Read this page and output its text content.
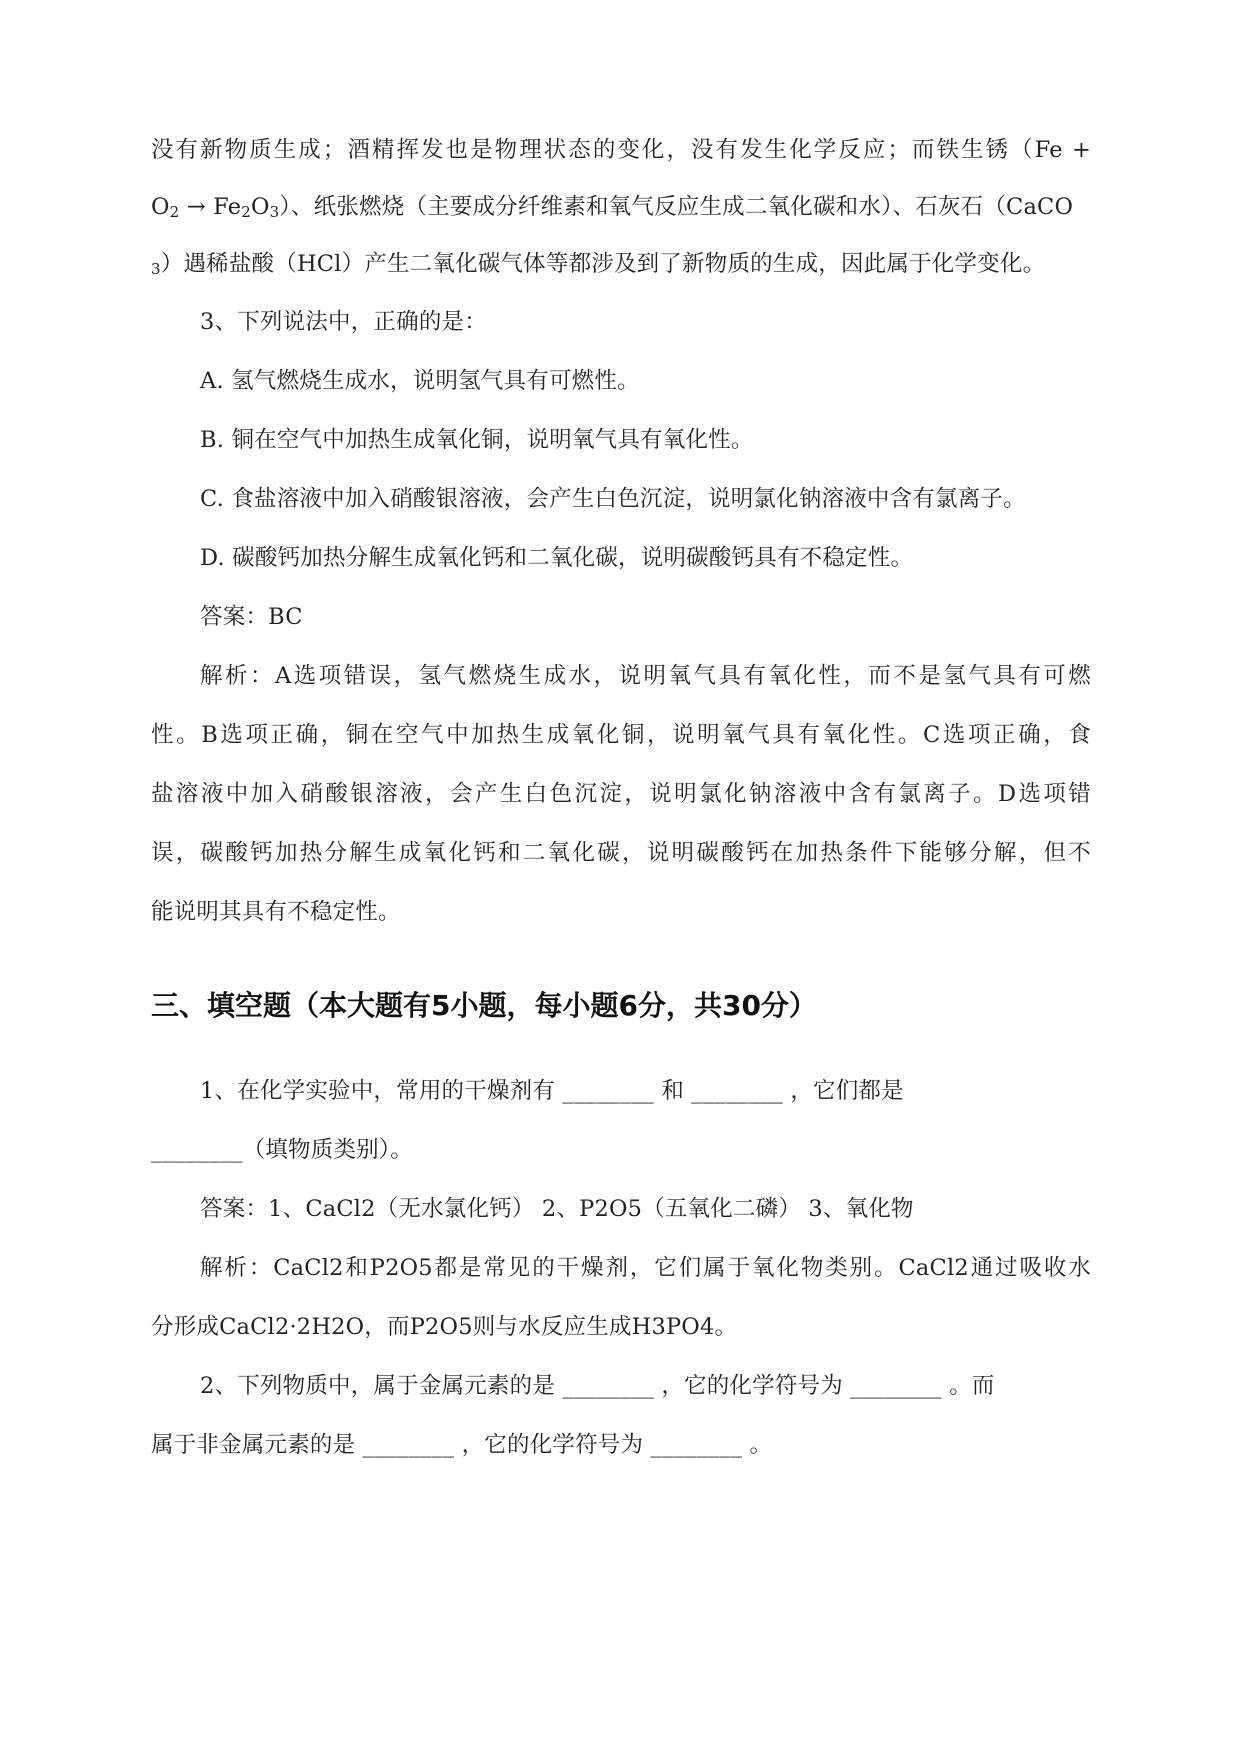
没有新物质生成；酒精挥发也是物理状态的变化，没有发生化学反应；而铁生锈（Fe +
$O_2 \to Fe_2O_3$）、纸张燃烧（主要成分纤维素和氧气反应生成二氧化碳和水）、石灰石（CaCO
$_3$）遇稀盐酸（HCl）产生二氧化碳气体等都涉及到了新物质的生成，因此属于化学变化。
3、下列说法中，正确的是：
A. 氢气燃烧生成水，说明氢气具有可燃性。
B. 铜在空气中加热生成氧化铜，说明氧气具有氧化性。
C. 食盐溶液中加入硝酸银溶液，会产生白色沉淀，说明氯化钠溶液中含有氯离子。
D. 碳酸钙加热分解生成氧化钙和二氧化碳，说明碳酸钙具有不稳定性。
答案：BC
解析：A选项错误，氢气燃烧生成水，说明氧气具有氧化性，而不是氢气具有可燃
性。B选项正确，铜在空气中加热生成氧化铜，说明氧气具有氧化性。C选项正确，食
盐溶液中加入硝酸银溶液，会产生白色沉淀，说明氯化钠溶液中含有氯离子。D选项错
误，碳酸钙加热分解生成氧化钙和二氧化碳，说明碳酸钙在加热条件下能够分解，但不
能说明其具有不稳定性。
三、填空题（本大题有5小题，每小题6分，共30分）
1、在化学实验中，常用的干燥剂有 ________ 和 ________ ，它们都是
________（填物质类别）。
答案：1、CaCl2（无水氯化钙） 2、P2O5（五氧化二磷） 3、氧化物
解析：CaCl2和P2O5都是常见的干燥剂，它们属于氧化物类别。CaCl2通过吸收水
分形成CaCl2·2H2O，而P2O5则与水反应生成H3PO4。
2、下列物质中，属于金属元素的是 ________ ，它的化学符号为 ________ 。而
属于非金属元素的是 ________ ，它的化学符号为 ________ 。
